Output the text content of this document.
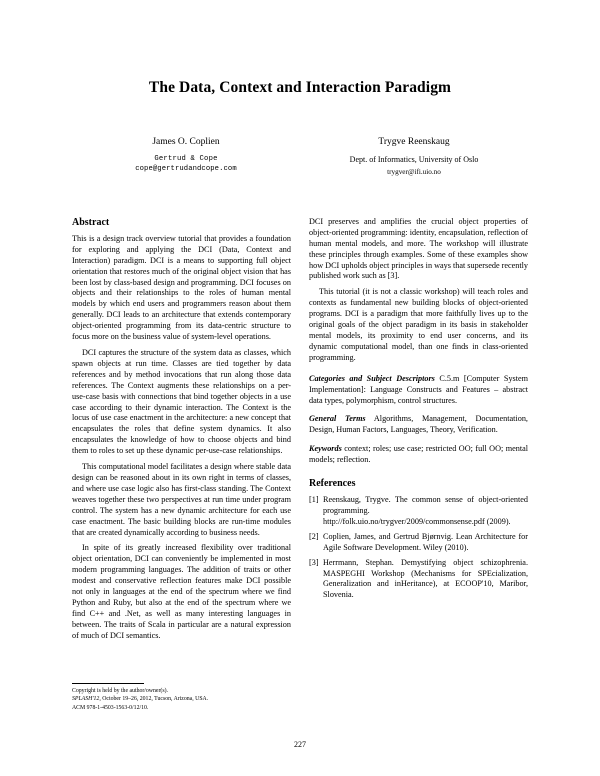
The Data, Context and Interaction Paradigm
James O. Coplien
Gertrud & Cope
cope@gertrudandcope.com
Trygve Reenskaug
Dept. of Informatics, University of Oslo
trygver@ifi.uio.no
Abstract

This is a design track overview tutorial that provides a foundation for exploring and applying the DCI (Data, Context and Interaction) paradigm. DCI is a means to supporting full object orientation that restores much of the original object vision that has been lost by class-based design and programming. DCI focuses on objects and their relationships to the roles of human mental models by which end users and programmers reason about them generally. DCI leads to an architecture that extends contemporary object-oriented programming from its data-centric structure to focus more on the business value of system-level operations.

DCI captures the structure of the system data as classes, which spawn objects at run time. Classes are tied together by data references and by method invocations that run along those data references. The Context augments these relationships on a per-use-case basis with connections that bind together objects in a use case according to their dynamic interaction. The Context is the locus of use case enactment in the architecture: a new concept that encapsulates the roles that define system dynamics. It also encapsulates the knowledge of how to choose objects and bind them to roles to set up these dynamic per-use-case relationships.

This computational model facilitates a design where stable data design can be reasoned about in its own right in terms of classes, and where use case logic also has first-class standing. The Context weaves together these two perspectives at run time under program control. The system has a new dynamic architecture for each use case enactment. The basic building blocks are run-time modules that are created dynamically according to business needs.

In spite of its greatly increased flexibility over traditional object orientation, DCI can conveniently be implemented in most modern programming languages. The addition of traits or other modest and conservative reflection features make DCI possible not only in languages at the end of the spectrum where we find Python and Ruby, but also at the end of the spectrum where we find C++ and .Net, as well as many interesting languages in between. The traits of Scala in particular are a natural expression of much of DCI semantics.

DCI preserves and amplifies the crucial object properties of object-oriented programming: identity, encapsulation, reflection of human mental models, and more. The workshop will illustrate these principles through examples. Some of these examples show how DCI upholds object principles in ways that supersede recently published work such as [3].

This tutorial (it is not a classic workshop) will teach roles and contexts as fundamental new building blocks of object-oriented programs. DCI is a paradigm that more faithfully lives up to the original goals of the object paradigm in its basis in stakeholder mental models, its proximity to end user concerns, and its dynamic computational model, than one finds in class-oriented programming.

Categories and Subject Descriptors C.5.m [Computer System Implementation]: Language Constructs and Features – abstract data types, polymorphism, control structures.
General Terms Algorithms, Management, Documentation, Design, Human Factors, Languages, Theory, Verification.
Keywords context; roles; use case; restricted OO; full OO; mental models; reflection.
References
[1] Reenskaug, Trygve. The common sense of object-oriented programming. http://folk.uio.no/trygver/2009/commonsense.pdf (2009).
[2] Coplien, James, and Gertrud Bjørnvig. Lean Architecture for Agile Software Development. Wiley (2010).
[3] Herrmann, Stephan. Demystifying object schizophrenia. MASPEGHI Workshop (Mechanisms for SPEcialization, Generalization and inHeritance), at ECOOP'10, Maribor, Slovenia.
Copyright is held by the author/owner(s).
SPLASH'12, October 19–26, 2012, Tucson, Arizona, USA.
ACM 978-1-4503-1563-0/12/10.
227
